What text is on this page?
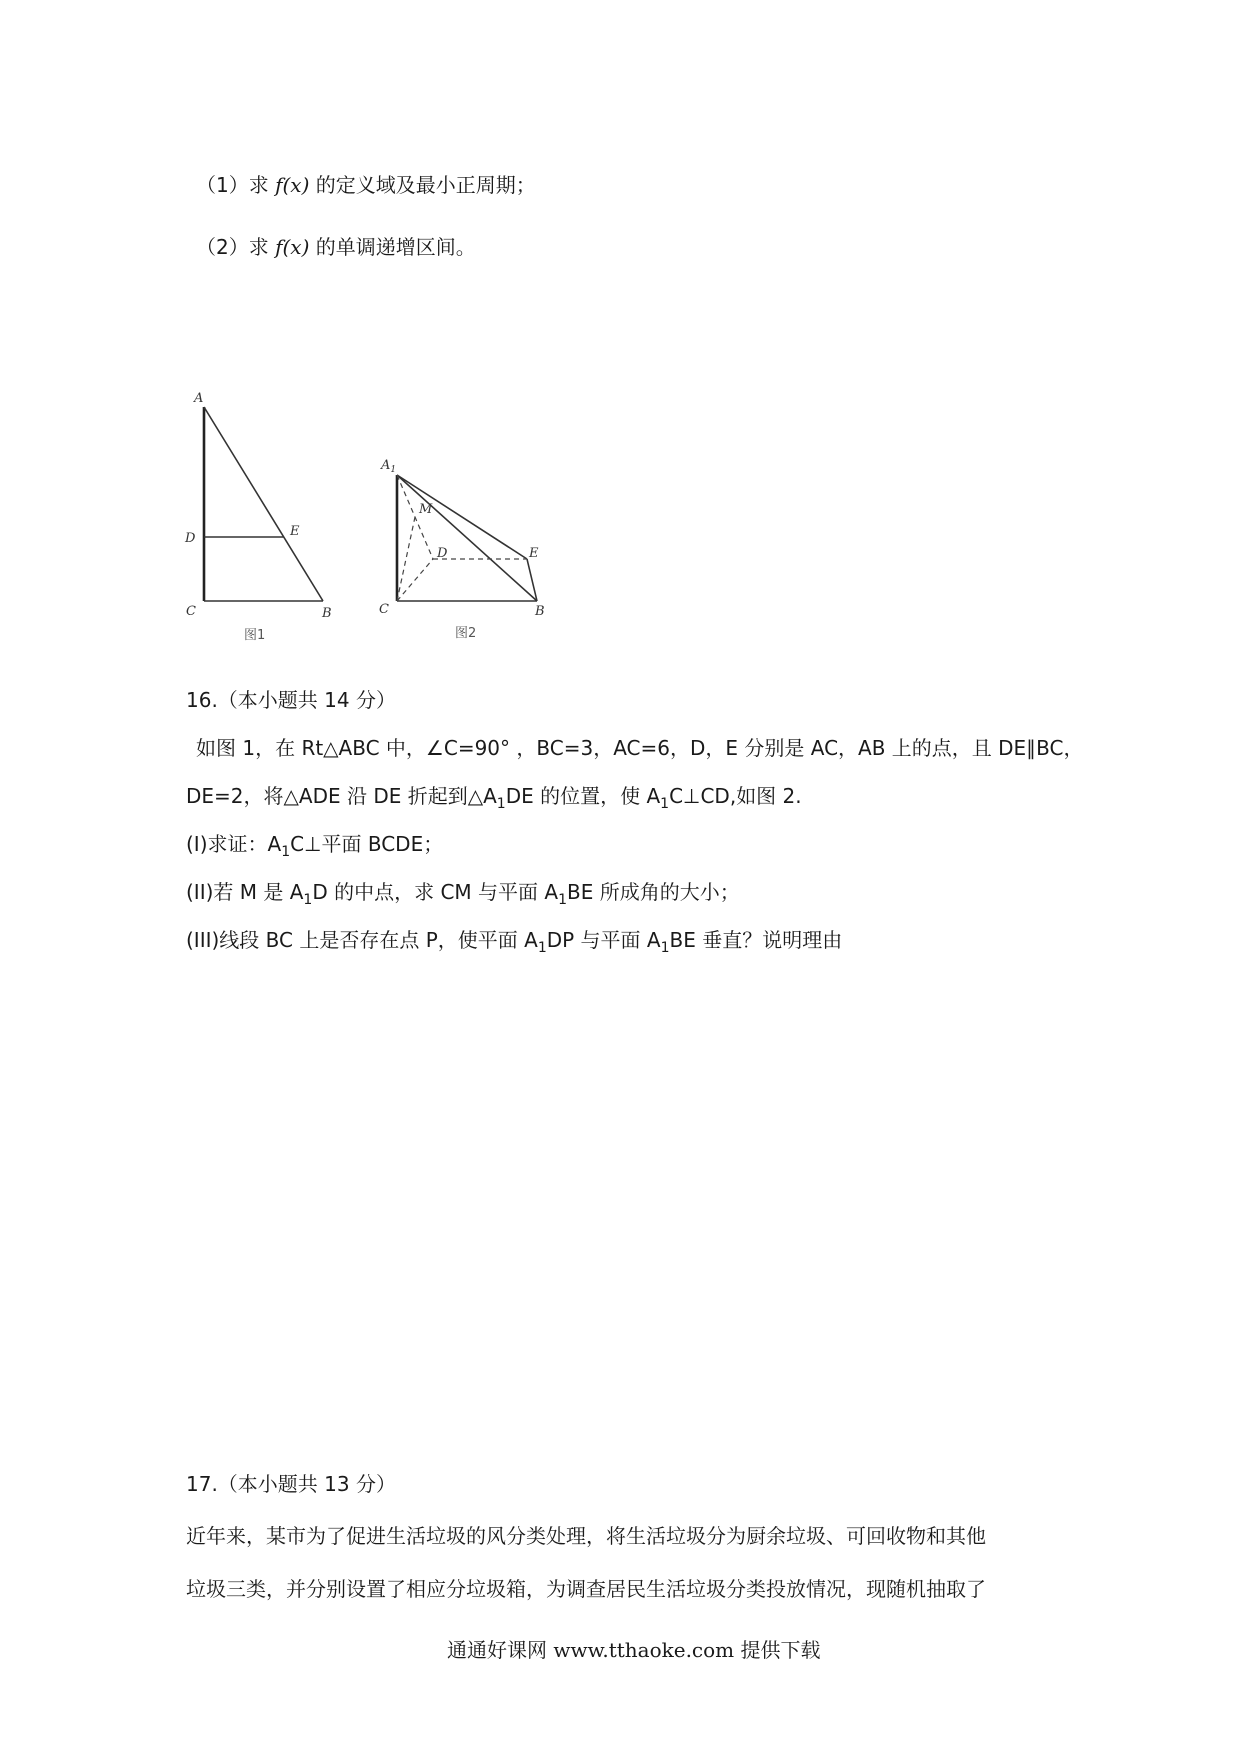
（1）求 f(x) 的定义域及最小正周期；
（2）求 f(x) 的单调递增区间。
A
D	E
C	B
图1
$A_1$
M
D	E
C	B
图2
16.（本小题共 14 分）
如图 1，在 Rt△ABC 中，∠C=90° ，BC=3，AC=6，D，E 分别是 AC，AB 上的点，且 DE∥BC，
DE=2，将△ADE 沿 DE 折起到$\triangle A_1DE$ 的位置，使 $A_1C\perp CD$,如图 2.
(I)求证：$A_1C\perp$平面 BCDE；
(II)若 M 是 $A_1D$ 的中点，求 CM 与平面 $A_1BE$ 所成角的大小；
(III)线段 BC 上是否存在点 P，使平面 $A_1DP$ 与平面 $A_1BE$ 垂直？说明理由
17.（本小题共 13 分）
近年来，某市为了促进生活垃圾的风分类处理，将生活垃圾分为厨余垃圾、可回收物和其他
垃圾三类，并分别设置了相应分垃圾箱，为调查居民生活垃圾分类投放情况，现随机抽取了
通通好课网 www.tthaoke.com 提供下载
